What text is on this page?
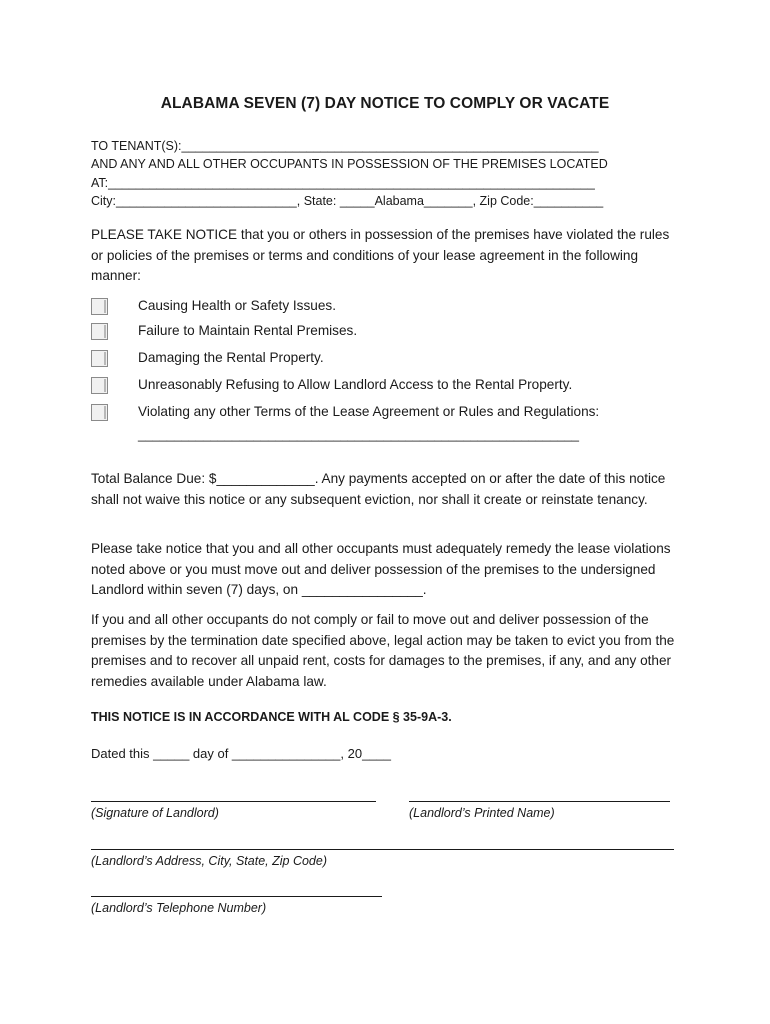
ALABAMA SEVEN (7) DAY NOTICE TO COMPLY OR VACATE
TO TENANT(S):____________________________________________________________
AND ANY AND ALL OTHER OCCUPANTS IN POSSESSION OF THE PREMISES LOCATED
AT:______________________________________________________________________
City:__________________________, State: _____Alabama_______, Zip Code:__________
PLEASE TAKE NOTICE that you or others in possession of the premises have violated the rules or policies of the premises or terms and conditions of your lease agreement in the following manner:
Causing Health or Safety Issues.
Failure to Maintain Rental Premises.
Damaging the Rental Property.
Unreasonably Refusing to Allow Landlord Access to the Rental Property.
Violating any other Terms of the Lease Agreement or Rules and Regulations:
_____________________________________________________________
Total Balance Due: $_____________. Any payments accepted on or after the date of this notice shall not waive this notice or any subsequent eviction, nor shall it create or reinstate tenancy.
Please take notice that you and all other occupants must adequately remedy the lease violations noted above or you must move out and deliver possession of the premises to the undersigned Landlord within seven (7) days, on ________________.
If you and all other occupants do not comply or fail to move out and deliver possession of the premises by the termination date specified above, legal action may be taken to evict you from the premises and to recover all unpaid rent, costs for damages to the premises, if any, and any other remedies available under Alabama law.
THIS NOTICE IS IN ACCORDANCE WITH AL CODE § 35-9A-3.
Dated this _____ day of _______________, 20____
(Signature of Landlord)	(Landlord’s Printed Name)
(Landlord’s Address, City, State, Zip Code)
(Landlord’s Telephone Number)
